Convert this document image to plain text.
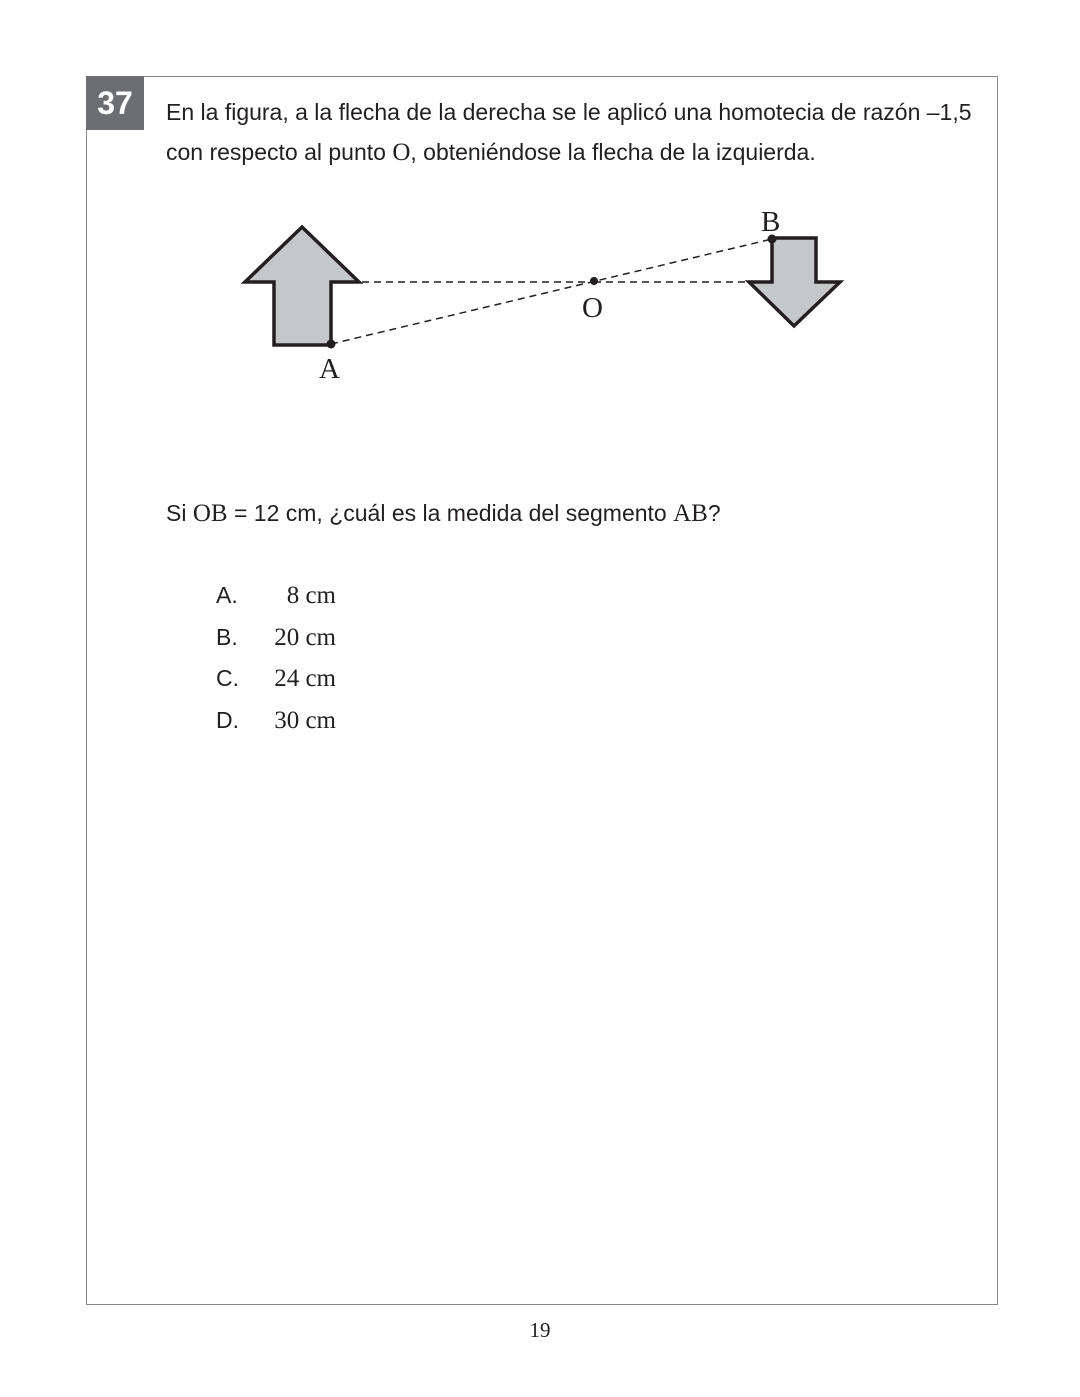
37	En la figura, a la flecha de la derecha se le aplicó una homotecia de razón –1,5 con respecto al punto O, obteniéndose la flecha de la izquierda.
A
O
B
Si OB = 12 cm, ¿cuál es la medida del segmento AB?
A.	8 cm
B.	20 cm
C.	24 cm
D.	30 cm
19
